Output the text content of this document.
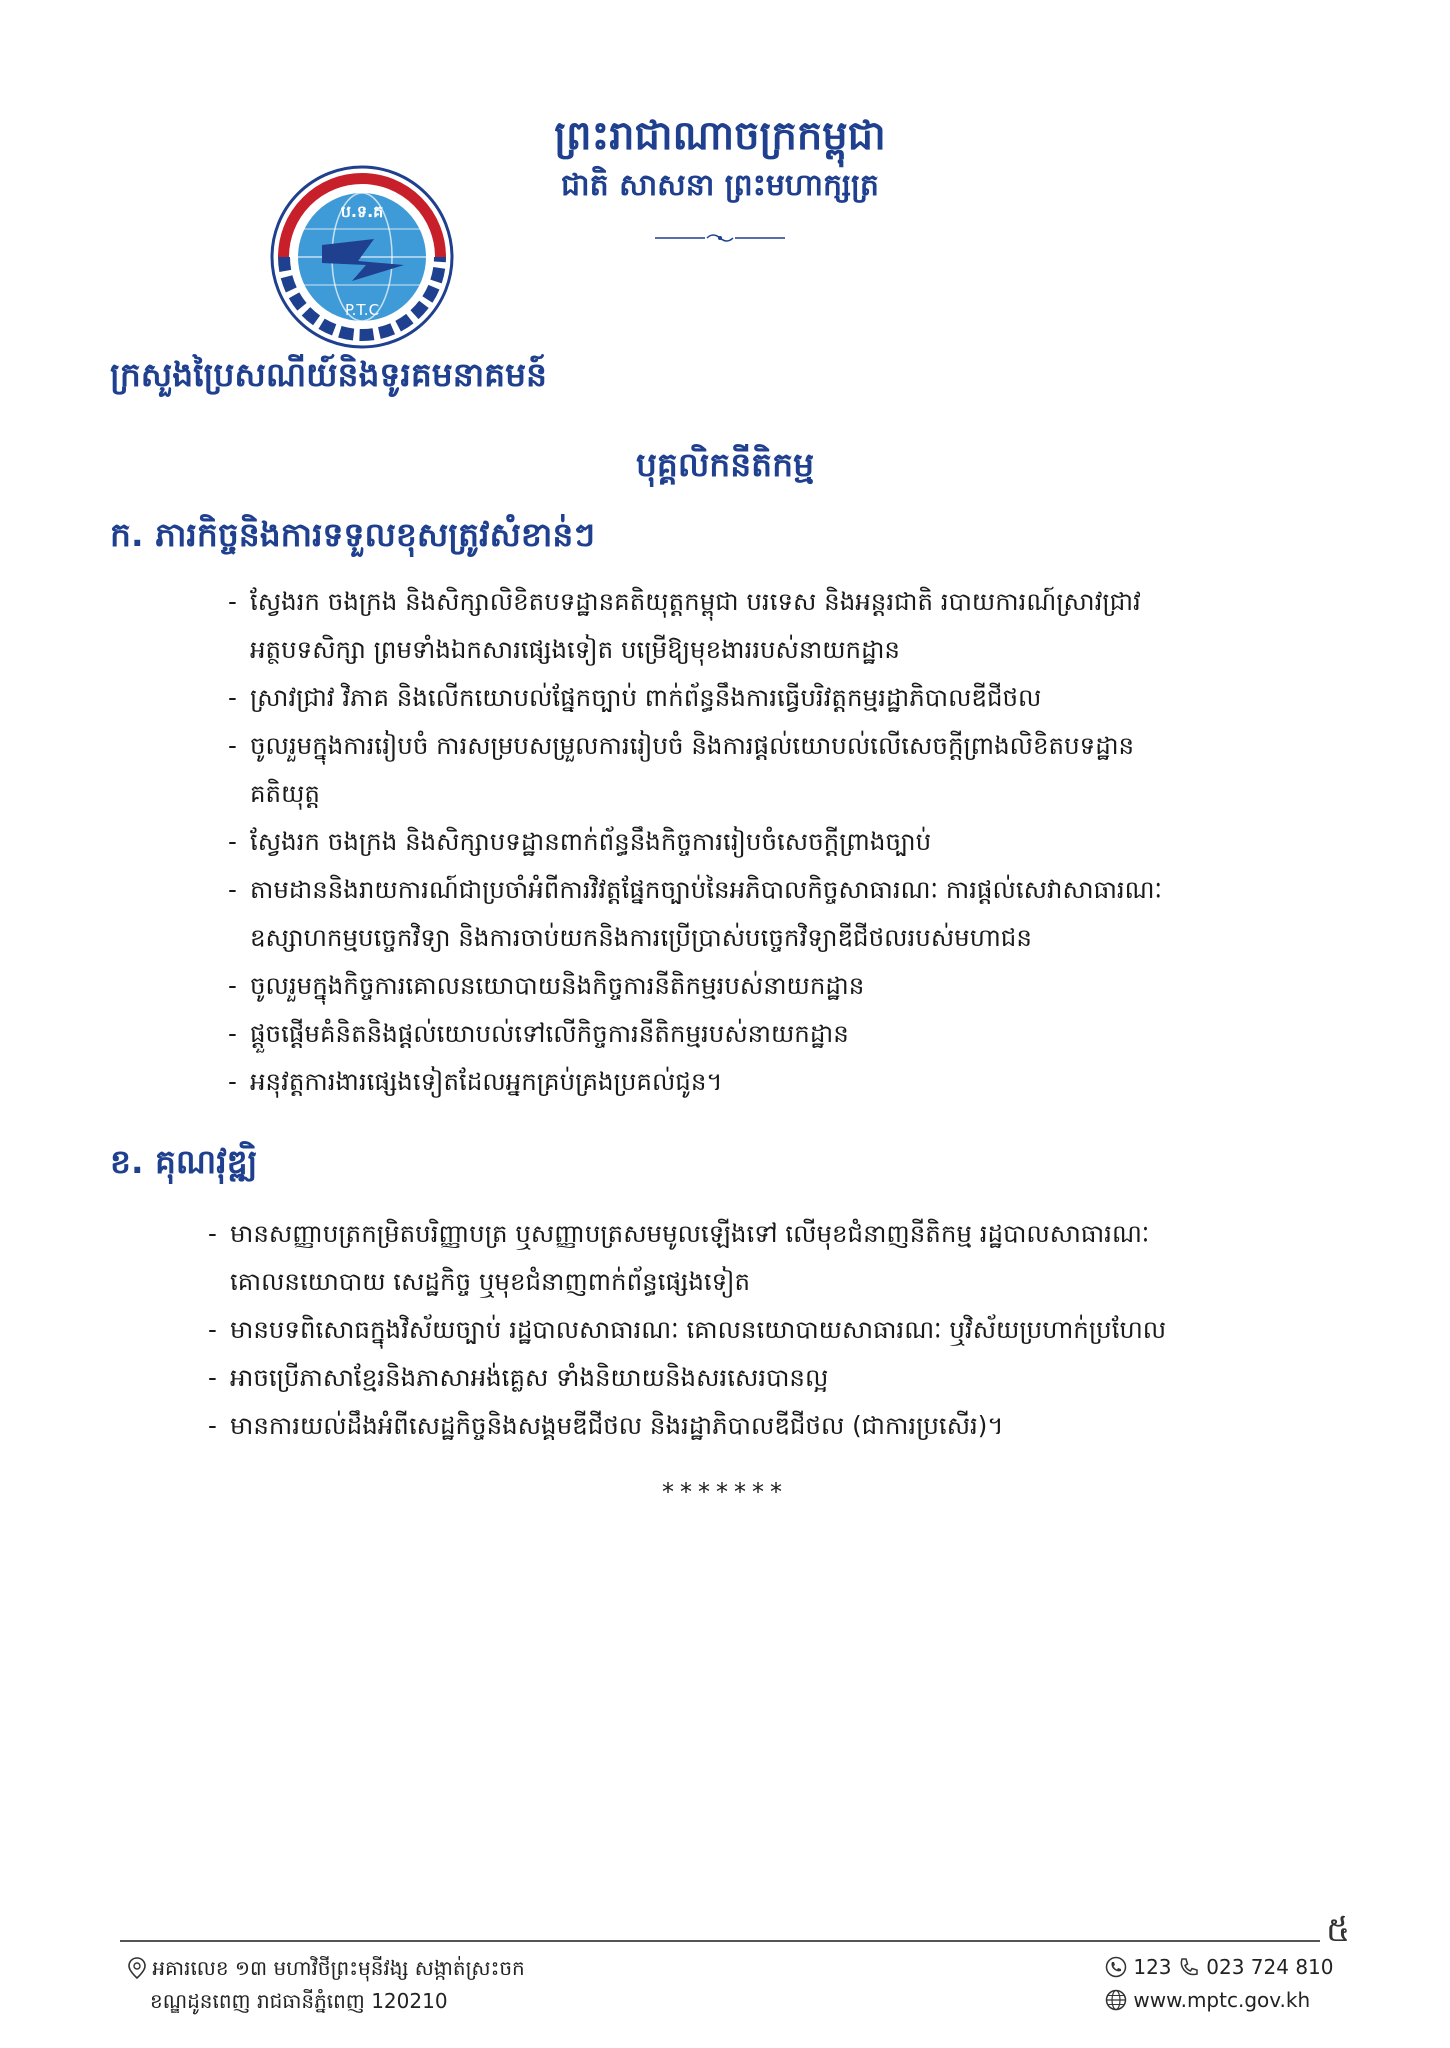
ព្រះរាជាណាចក្រកម្ពុជា
ជាតិ សាសនា ព្រះមហាក្សត្រ
ប.ទ.គ
P.T.C
ក្រសួងប្រៃសណីយ៍និងទូរគមនាគមន៍
បុគ្គលិកនីតិកម្ម
ក. ភារកិច្ចនិងការទទួលខុសត្រូវសំខាន់ៗ
- ស្វែងរក ចងក្រង និងសិក្សាលិខិតបទដ្ឋានគតិយុត្តកម្ពុជា បរទេស និងអន្តរជាតិ របាយការណ៍ស្រាវជ្រាវ
អត្ថបទសិក្សា ព្រមទាំងឯកសារផ្សេងទៀត បម្រើឱ្យមុខងាររបស់នាយកដ្ឋាន
- ស្រាវជ្រាវ វិភាគ និងលើកយោបល់ផ្នែកច្បាប់ ពាក់ព័ន្ធនឹងការធ្វើបរិវត្តកម្មរដ្ឋាភិបាលឌីជីថល
- ចូលរួមក្នុងការរៀបចំ ការសម្របសម្រួលការរៀបចំ និងការផ្តល់យោបល់លើសេចក្តីព្រាងលិខិតបទដ្ឋាន
គតិយុត្ត
- ស្វែងរក ចងក្រង និងសិក្សាបទដ្ឋានពាក់ព័ន្ធនឹងកិច្ចការរៀបចំសេចក្តីព្រាងច្បាប់
- តាមដាននិងរាយការណ៍ជាប្រចាំអំពីការវិវត្តផ្នែកច្បាប់នៃអភិបាលកិច្ចសាធារណៈ ការផ្តល់សេវាសាធារណៈ
ឧស្សាហកម្មបច្ចេកវិទ្យា និងការចាប់យកនិងការប្រើប្រាស់បច្ចេកវិទ្យាឌីជីថលរបស់មហាជន
- ចូលរួមក្នុងកិច្ចការគោលនយោបាយនិងកិច្ចការនីតិកម្មរបស់នាយកដ្ឋាន
- ផ្តួចផ្តើមគំនិតនិងផ្តល់យោបល់ទៅលើកិច្ចការនីតិកម្មរបស់នាយកដ្ឋាន
- អនុវត្តការងារផ្សេងទៀតដែលអ្នកគ្រប់គ្រងប្រគល់ជូន។
ខ. គុណវុឌ្ឍិ
- មានសញ្ញាបត្រកម្រិតបរិញ្ញាបត្រ ឬសញ្ញាបត្រសមមូលឡើងទៅ លើមុខជំនាញនីតិកម្ម រដ្ឋបាលសាធារណៈ
គោលនយោបាយ សេដ្ឋកិច្ច ឬមុខជំនាញពាក់ព័ន្ធផ្សេងទៀត
- មានបទពិសោធក្នុងវិស័យច្បាប់ រដ្ឋបាលសាធារណៈ គោលនយោបាយសាធារណៈ ឬវិស័យប្រហាក់ប្រហែល
- អាចប្រើភាសាខ្មែរនិងភាសាអង់គ្លេស ទាំងនិយាយនិងសរសេរបានល្អ
- មានការយល់ដឹងអំពីសេដ្ឋកិច្ចនិងសង្គមឌីជីថល និងរដ្ឋាភិបាលឌីជីថល (ជាការប្រសើរ)។
*******
៥
អគារលេខ ១៣ មហាវិថីព្រះមុនីវង្ស សង្កាត់ស្រះចក
ខណ្ឌដូនពេញ រាជធានីភ្នំពេញ 120210
123 023 724 810
www.mptc.gov.kh
